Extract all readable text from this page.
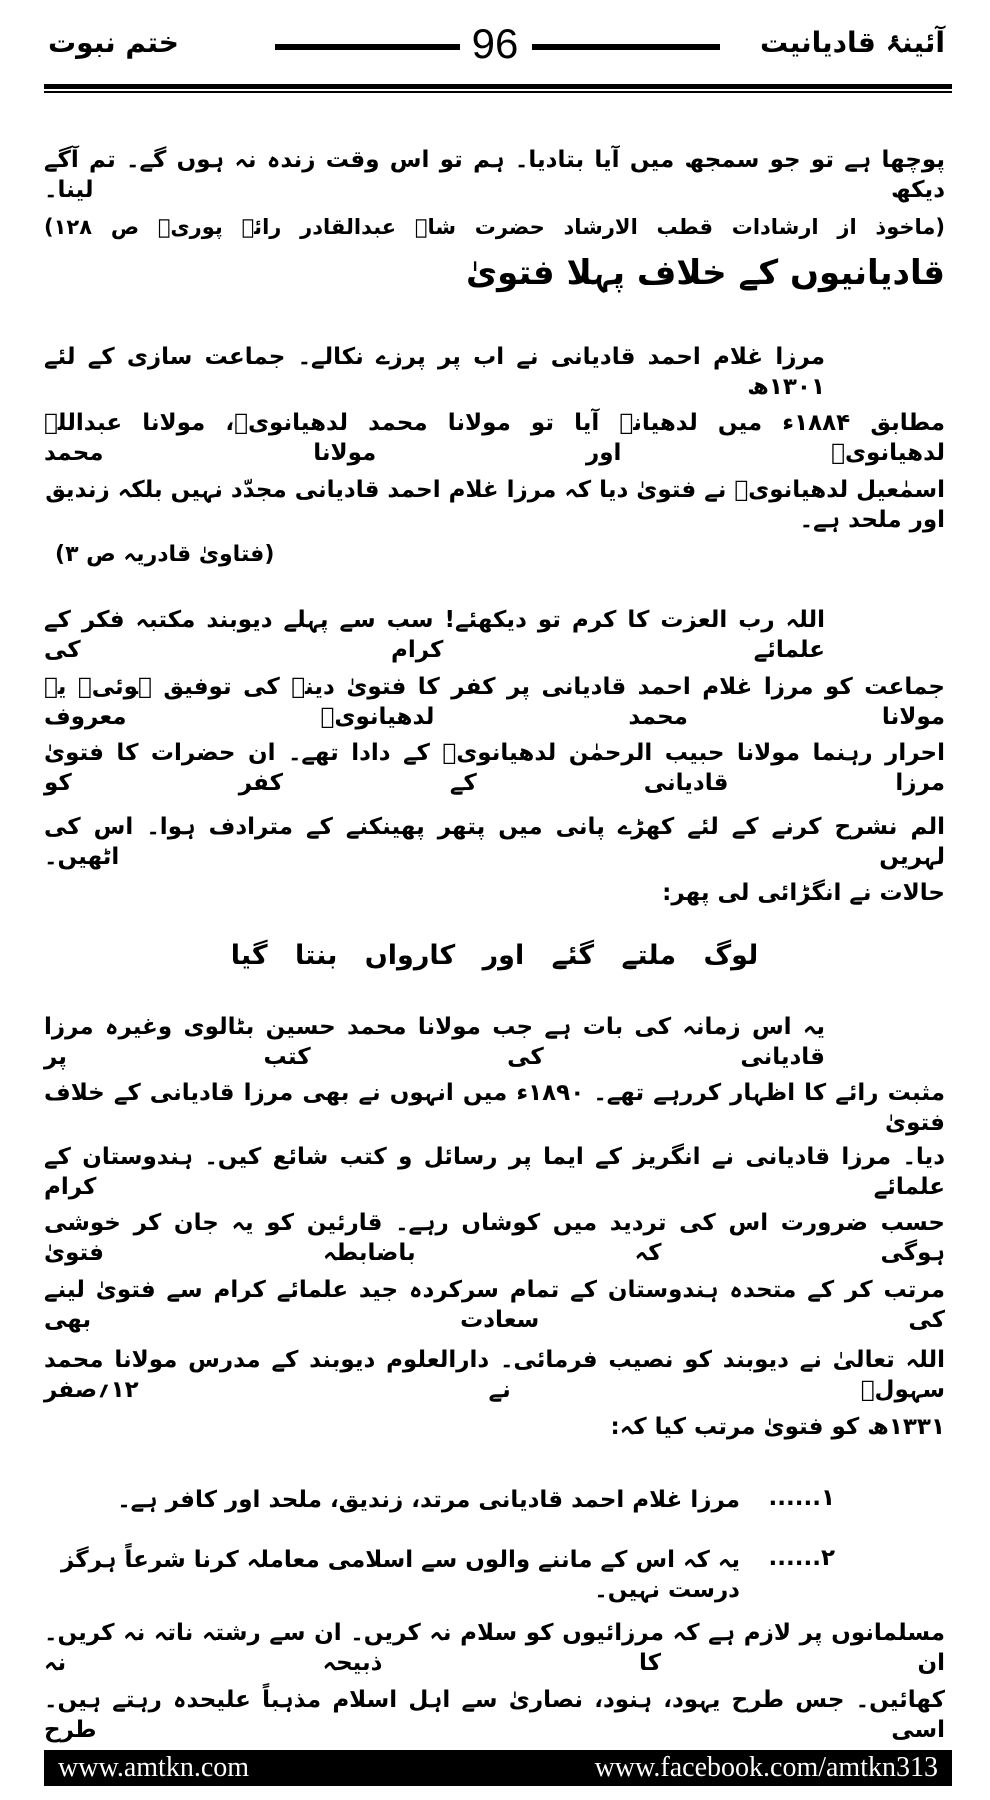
آئینۂ قادیانیت
96
ختم نبوت
پوچھا ہے تو جو سمجھ میں آیا بتادیا۔ ہم تو اس وقت زندہ نہ ہوں گے۔ تم آگے دیکھ لینا۔
(ماخوذ از ارشادات قطب الارشاد حضرت شاہ عبدالقادر رائے پوریؒ ص ۱۲۸)
قادیانیوں کے خلاف پہلا فتویٰ
مرزا غلام احمد قادیانی نے اب پر پرزے نکالے۔ جماعت سازی کے لئے ۱۳۰۱ھ
مطابق ۱۸۸۴ء میں لدھیانہ آیا تو مولانا محمد لدھیانویؒ، مولانا عبداللہ لدھیانویؒ اور مولانا محمد
اسمٰعیل لدھیانویؒ نے فتویٰ دیا کہ مرزا غلام احمد قادیانی مجدّد نہیں بلکہ زندیق اور ملحد ہے۔
(فتاویٰ قادریہ ص ۳)
اللہ رب العزت کا کرم تو دیکھئے! سب سے پہلے دیوبند مکتبہ فکر کے علمائے کرام کی
جماعت کو مرزا غلام احمد قادیانی پر کفر کا فتویٰ دینے کی توفیق ہوئی۔ یہ مولانا محمد لدھیانویؒ معروف
احرار رہنما مولانا حبیب الرحمٰن لدھیانویؒ کے دادا تھے۔ ان حضرات کا فتویٰ مرزا قادیانی کے کفر کو
الم نشرح کرنے کے لئے کھڑے پانی میں پتھر پھینکنے کے مترادف ہوا۔ اس کی لہریں اٹھیں۔
حالات نے انگڑائی لی پھر:
لوگ ملتے گئے اور کارواں بنتا گیا
یہ اس زمانہ کی بات ہے جب مولانا محمد حسین بٹالوی وغیرہ مرزا قادیانی کی کتب پر
مثبت رائے کا اظہار کررہے تھے۔ ۱۸۹۰ء میں انہوں نے بھی مرزا قادیانی کے خلاف فتویٰ
دیا۔ مرزا قادیانی نے انگریز کے ایما پر رسائل و کتب شائع کیں۔ ہندوستان کے علمائے کرام
حسب ضرورت اس کی تردید میں کوشاں رہے۔ قارئین کو یہ جان کر خوشی ہوگی کہ باضابطہ فتویٰ
مرتب کر کے متحدہ ہندوستان کے تمام سرکردہ جید علمائے کرام سے فتویٰ لینے کی سعادت بھی
اللہ تعالیٰ نے دیوبند کو نصیب فرمائی۔ دارالعلوم دیوبند کے مدرس مولانا محمد سہولؒ نے ۱۲؍صفر
۱۳۳۱ھ کو فتویٰ مرتب کیا کہ:
۱......
مرزا غلام احمد قادیانی مرتد، زندیق، ملحد اور کافر ہے۔
۲......
یہ کہ اس کے ماننے والوں سے اسلامی معاملہ کرنا شرعاً ہرگز درست نہیں۔
مسلمانوں پر لازم ہے کہ مرزائیوں کو سلام نہ کریں۔ ان سے رشتہ ناتہ نہ کریں۔ ان کا ذبیحہ نہ
کھائیں۔ جس طرح یہود، ہنود، نصاریٰ سے اہل اسلام مذہباً علیحدہ رہتے ہیں۔ اسی طرح
www.amtkn.com	www.facebook.com/amtkn313
